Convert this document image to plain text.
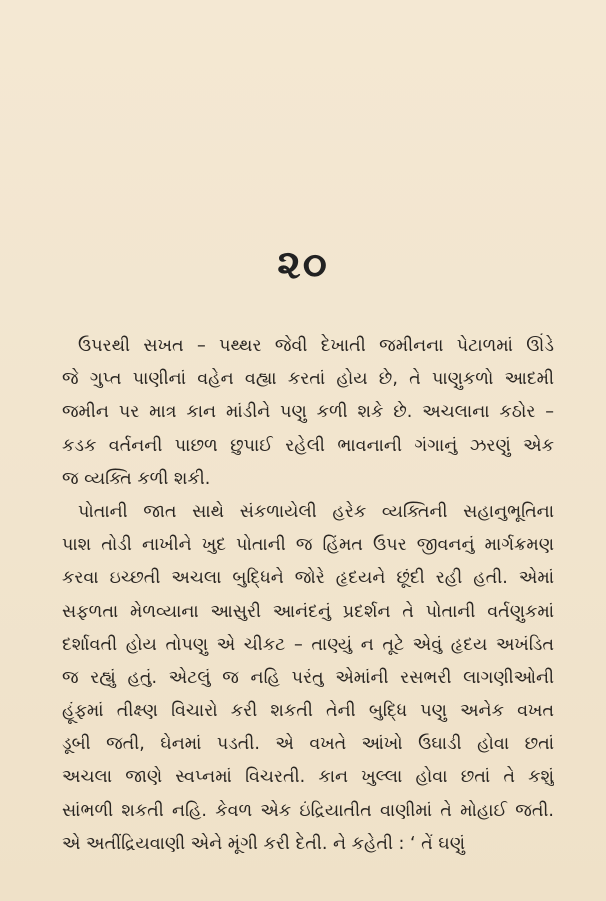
૨૦
ઉપરથી સખત – પથ્થર જેવી દેખાતી જમીનના પેટાળમાં ઊંડે
જે ગુપ્ત પાણીનાં વહેન વહ્યા કરતાં હોય છે, તે પાણુકળો આદમી
જમીન પર માત્ર કાન માંડીને પણુ કળી શકે છે. અચલાના કઠોર –
કડક વર્તનની પાછળ છુપાઈ રહેલી ભાવનાની ગંગાનું ઝરણું એક
જ વ્યક્તિ કળી શકી.
પોતાની જાત સાથે સંકળાયેલી હરેક વ્યક્તિની સહાનુભૂતિના
પાશ તોડી નાખીને ખુદ પોતાની જ હિંમત ઉપર જીવનનું માર્ગક્રમણ
કરવા ઇચ્છતી અચલા બુદ્ધિને જોરે હૃદયને છૂંદી રહી હતી. એમાં
સફળતા મેળવ્યાના આસુરી આનંદનું પ્રદર્શન તે પોતાની વર્તણુકમાં
દર્શાવતી હોય તોપણુ એ ચીકટ – તાણ્યું ન તૂટે એવું હૃદય અખંડિત
જ રહ્યું હતું. એટલું જ નહિ પરંતુ એમાંની રસભરી લાગણીઓની
હૂંફમાં તીક્ષ્ણ વિચારો કરી શકતી તેની બુદ્ધિ પણુ અનેક વખત
ડૂબી જતી, ઘેનમાં પડતી. એ વખતે આંખો ઉઘાડી હોવા છતાં
અચલા જાણે સ્વપ્નમાં વિચરતી. કાન ખુલ્લા હોવા છતાં તે કશું
સાંભળી શકતી નહિ. કેવળ એક ઇંદ્રિયાતીત વાણીમાં તે મોહાઈ જતી.
એ અતીંદ્રિયવાણી એને મૂંગી કરી દેતી. ને કહેતી : ‘ તેં ઘણું
